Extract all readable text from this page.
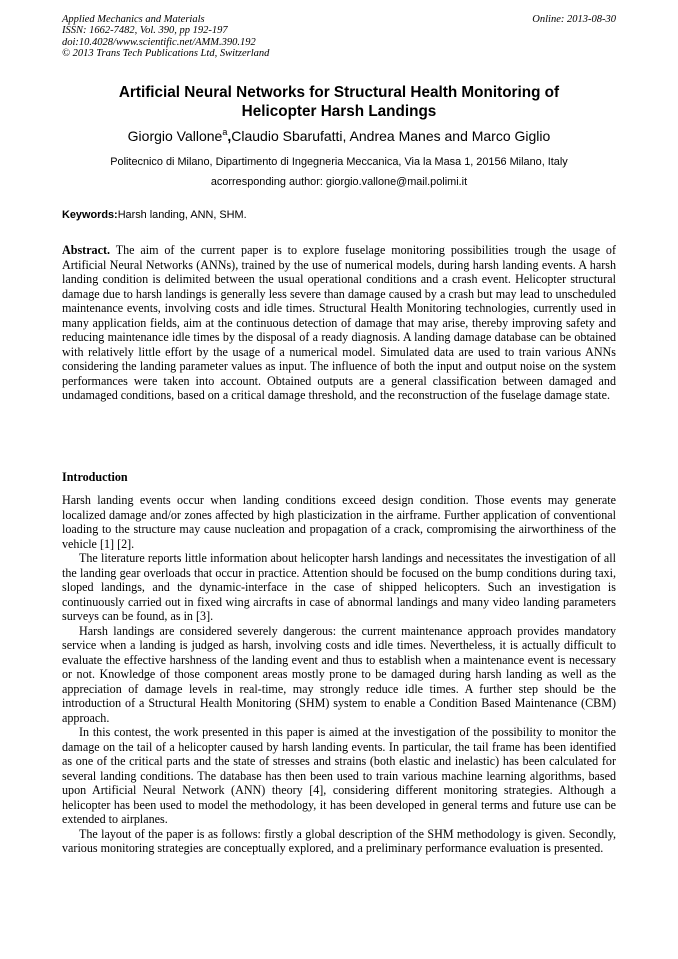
Applied Mechanics and Materials
ISSN: 1662-7482, Vol. 390, pp 192-197
doi:10.4028/www.scientific.net/AMM.390.192
© 2013 Trans Tech Publications Ltd, Switzerland
Online: 2013-08-30
Artificial Neural Networks for Structural Health Monitoring of
Helicopter Harsh Landings
Giorgio Vallone$^a$,Claudio Sbarufatti, Andrea Manes and Marco Giglio
Politecnico di Milano, Dipartimento di Ingegneria Meccanica, Via la Masa 1, 20156 Milano, Italy
acorresponding author: giorgio.vallone@mail.polimi.it
Keywords:Harsh landing, ANN, SHM.
Abstract. The aim of the current paper is to explore fuselage monitoring possibilities trough the usage of Artificial Neural Networks (ANNs), trained by the use of numerical models, during harsh landing events. A harsh landing condition is delimited between the usual operational conditions and a crash event. Helicopter structural damage due to harsh landings is generally less severe than damage caused by a crash but may lead to unscheduled maintenance events, involving costs and idle times. Structural Health Monitoring technologies, currently used in many application fields, aim at the continuous detection of damage that may arise, thereby improving safety and reducing maintenance idle times by the disposal of a ready diagnosis. A landing damage database can be obtained with relatively little effort by the usage of a numerical model. Simulated data are used to train various ANNs considering the landing parameter values as input. The influence of both the input and output noise on the system performances were taken into account. Obtained outputs are a general classification between damaged and undamaged conditions, based on a critical damage threshold, and the reconstruction of the fuselage damage state.
Introduction

Harsh landing events occur when landing conditions exceed design condition. Those events may generate localized damage and/or zones affected by high plasticization in the airframe. Further application of conventional loading to the structure may cause nucleation and propagation of a crack, compromising the airworthiness of the vehicle [1] [2].

The literature reports little information about helicopter harsh landings and necessitates the investigation of all the landing gear overloads that occur in practice. Attention should be focused on the bump conditions during taxi, sloped landings, and the dynamic-interface in the case of shipped helicopters. Such an investigation is continuously carried out in fixed wing aircrafts in case of abnormal landings and many video landing parameters surveys can be found, as in [3].

Harsh landings are considered severely dangerous: the current maintenance approach provides mandatory service when a landing is judged as harsh, involving costs and idle times. Nevertheless, it is actually difficult to evaluate the effective harshness of the landing event and thus to establish when a maintenance event is necessary or not. Knowledge of those component areas mostly prone to be damaged during harsh landing as well as the appreciation of damage levels in real-time, may strongly reduce idle times. A further step should be the introduction of a Structural Health Monitoring (SHM) system to enable a Condition Based Maintenance (CBM) approach.

In this contest, the work presented in this paper is aimed at the investigation of the possibility to monitor the damage on the tail of a helicopter caused by harsh landing events. In particular, the tail frame has been identified as one of the critical parts and the state of stresses and strains (both elastic and inelastic) has been calculated for several landing conditions. The database has then been used to train various machine learning algorithms, based upon Artificial Neural Network (ANN) theory [4], considering different monitoring strategies. Although a helicopter has been used to model the methodology, it has been developed in general terms and future use can be extended to airplanes.

The layout of the paper is as follows: firstly a global description of the SHM methodology is given. Secondly, various monitoring strategies are conceptually explored, and a preliminary performance evaluation is presented.
